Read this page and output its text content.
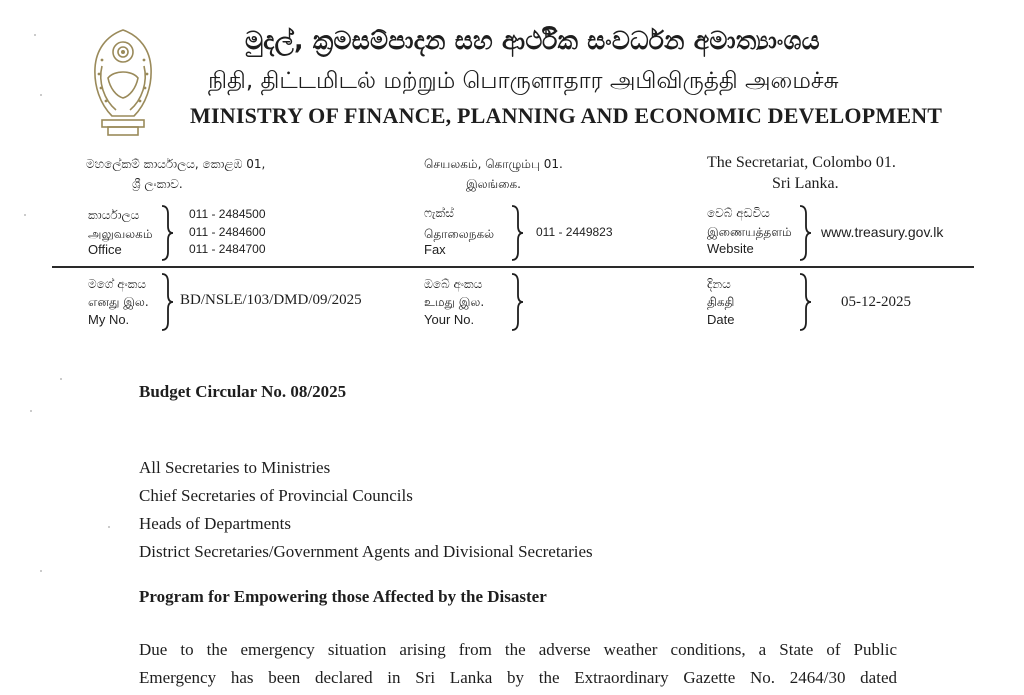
මුදල්, ක්‍රමසම්පාදන සහ ආර්ථික සංවර්ධන අමාත්‍යාංශය
நிதி, திட்டமிடல் மற்றும் பொருளாதார அபிவிருத்தி அமைச்சு
MINISTRY OF FINANCE, PLANNING AND ECONOMIC DEVELOPMENT
මහලේකම් කාර්යාලය, කොළඹ 01,
ශ්‍රී ලංකාව.
செயலகம், கொழும்பு 01.
இலங்கை.
The Secretariat, Colombo 01.
Sri Lanka.
කාර්යාලය
அலுவலகம்
Office
011 - 2484500
011 - 2484600
011 - 2484700
ෆැක්ස්
தொலைநகல்
Fax
011 - 2449823
වෙබ් අඩවිය
இணையத்தளம்
Website
www.treasury.gov.lk
මගේ අංකය
எனது இல.
My No.
BD/NSLE/103/DMD/09/2025
ඔබේ අංකය
உமது இல.
Your No.
දිනය
திகதி
Date
05-12-2025
Budget Circular No. 08/2025
All Secretaries to Ministries
Chief Secretaries of Provincial Councils
Heads of Departments
District Secretaries/Government Agents and Divisional Secretaries
Program for Empowering those Affected by the Disaster
Due to the emergency situation arising from the adverse weather conditions, a State of Public
Emergency has been declared in Sri Lanka by the Extraordinary Gazette No. 2464/30 dated
